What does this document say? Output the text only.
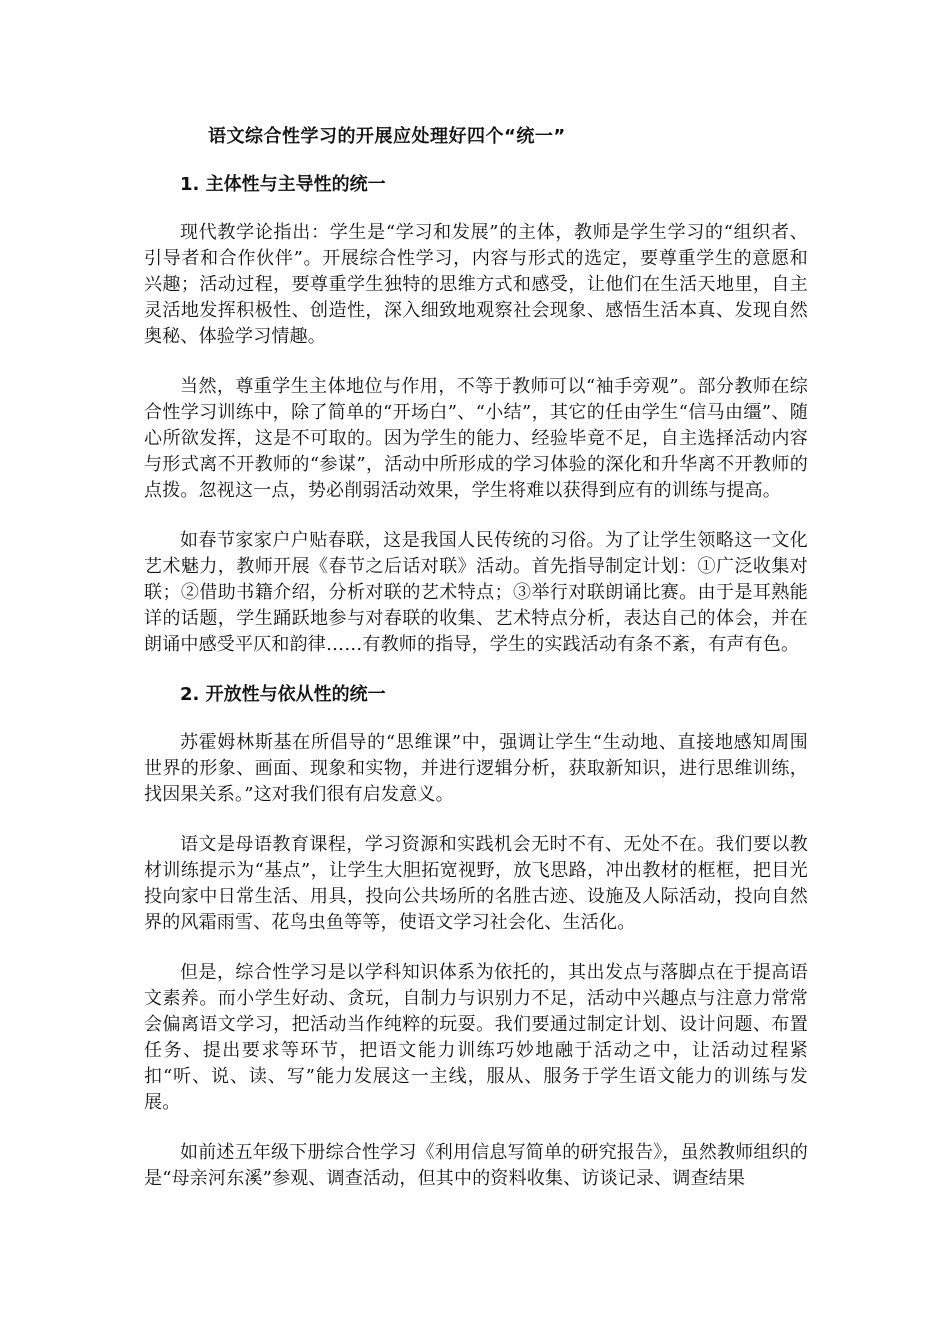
语文综合性学习的开展应处理好四个“统一”
1. 主体性与主导性的统一

现代教学论指出：学生是“学习和发展”的主体，教师是学生学习的“组织者、引导者和合作伙伴”。开展综合性学习，内容与形式的选定，要尊重学生的意愿和兴趣；活动过程，要尊重学生独特的思维方式和感受，让他们在生活天地里，自主灵活地发挥积极性、创造性，深入细致地观察社会现象、感悟生活本真、发现自然奥秘、体验学习情趣。

当然，尊重学生主体地位与作用，不等于教师可以“袖手旁观”。部分教师在综合性学习训练中，除了简单的“开场白”、“小结”，其它的任由学生“信马由缰”、随心所欲发挥，这是不可取的。因为学生的能力、经验毕竟不足，自主选择活动内容与形式离不开教师的“参谋”，活动中所形成的学习体验的深化和升华离不开教师的点拨。忽视这一点，势必削弱活动效果，学生将难以获得到应有的训练与提高。

如春节家家户户贴春联，这是我国人民传统的习俗。为了让学生领略这一文化艺术魅力，教师开展《春节之后话对联》活动。首先指导制定计划：①广泛收集对联；②借助书籍介绍，分析对联的艺术特点；③举行对联朗诵比赛。由于是耳熟能详的话题，学生踊跃地参与对春联的收集、艺术特点分析，表达自己的体会，并在朗诵中感受平仄和韵律……有教师的指导，学生的实践活动有条不紊，有声有色。

2. 开放性与依从性的统一

苏霍姆林斯基在所倡导的“思维课”中，强调让学生“生动地、直接地感知周围世界的形象、画面、现象和实物，并进行逻辑分析，获取新知识，进行思维训练，找因果关系。”这对我们很有启发意义。

语文是母语教育课程，学习资源和实践机会无时不有、无处不在。我们要以教材训练提示为“基点”，让学生大胆拓宽视野，放飞思路，冲出教材的框框，把目光投向家中日常生活、用具，投向公共场所的名胜古迹、设施及人际活动，投向自然界的风霜雨雪、花鸟虫鱼等等，使语文学习社会化、生活化。

但是，综合性学习是以学科知识体系为依托的，其出发点与落脚点在于提高语文素养。而小学生好动、贪玩，自制力与识别力不足，活动中兴趣点与注意力常常会偏离语文学习，把活动当作纯粹的玩耍。我们要通过制定计划、设计问题、布置任务、提出要求等环节，把语文能力训练巧妙地融于活动之中，让活动过程紧扣“听、说、读、写”能力发展这一主线，服从、服务于学生语文能力的训练与发展。

如前述五年级下册综合性学习《利用信息写简单的研究报告》，虽然教师组织的是“母亲河东溪”参观、调查活动，但其中的资料收集、访谈记录、调查结果
